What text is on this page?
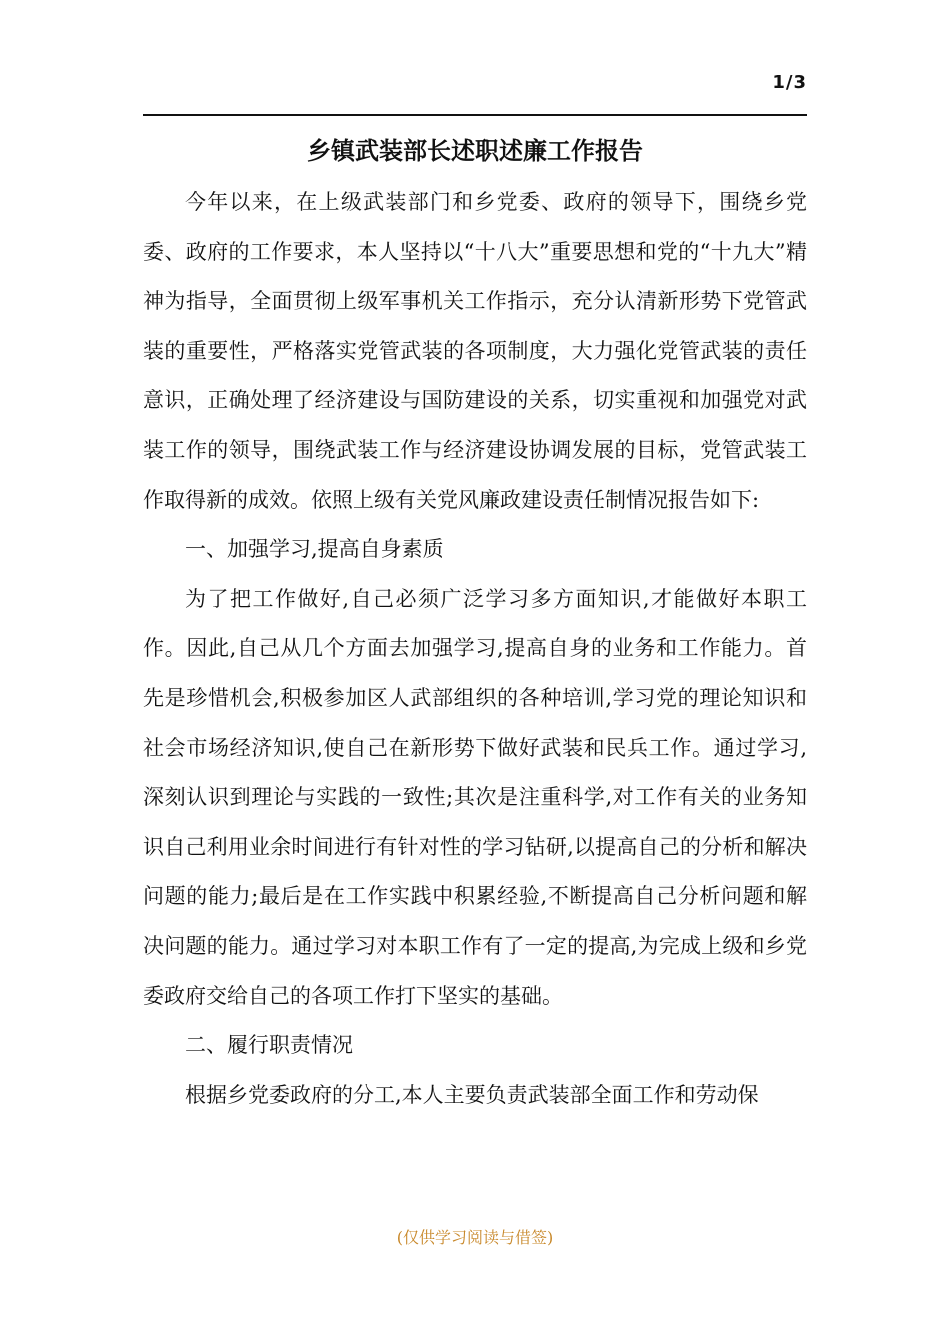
1/3
乡镇武装部长述职述廉工作报告

今年以来，在上级武装部门和乡党委、政府的领导下，围绕乡党委、政府的工作要求，本人坚持以“十八大”重要思想和党的“十九大”精神为指导，全面贯彻上级军事机关工作指示，充分认清新形势下党管武装的重要性，严格落实党管武装的各项制度，大力强化党管武装的责任意识，正确处理了经济建设与国防建设的关系，切实重视和加强党对武装工作的领导，围绕武装工作与经济建设协调发展的目标，党管武装工作取得新的成效。依照上级有关党风廉政建设责任制情况报告如下:

一、加强学习,提高自身素质

为了把工作做好,自己必须广泛学习多方面知识,才能做好本职工作。因此,自己从几个方面去加强学习,提高自身的业务和工作能力。首先是珍惜机会,积极参加区人武部组织的各种培训,学习党的理论知识和社会市场经济知识,使自己在新形势下做好武装和民兵工作。通过学习,深刻认识到理论与实践的一致性;其次是注重科学,对工作有关的业务知识自己利用业余时间进行有针对性的学习钻研,以提高自己的分析和解决问题的能力;最后是在工作实践中积累经验,不断提高自己分析问题和解决问题的能力。通过学习对本职工作有了一定的提高,为完成上级和乡党委政府交给自己的各项工作打下坚实的基础。

二、履行职责情况

根据乡党委政府的分工,本人主要负责武装部全面工作和劳动保

(仅供学习阅读与借签)
